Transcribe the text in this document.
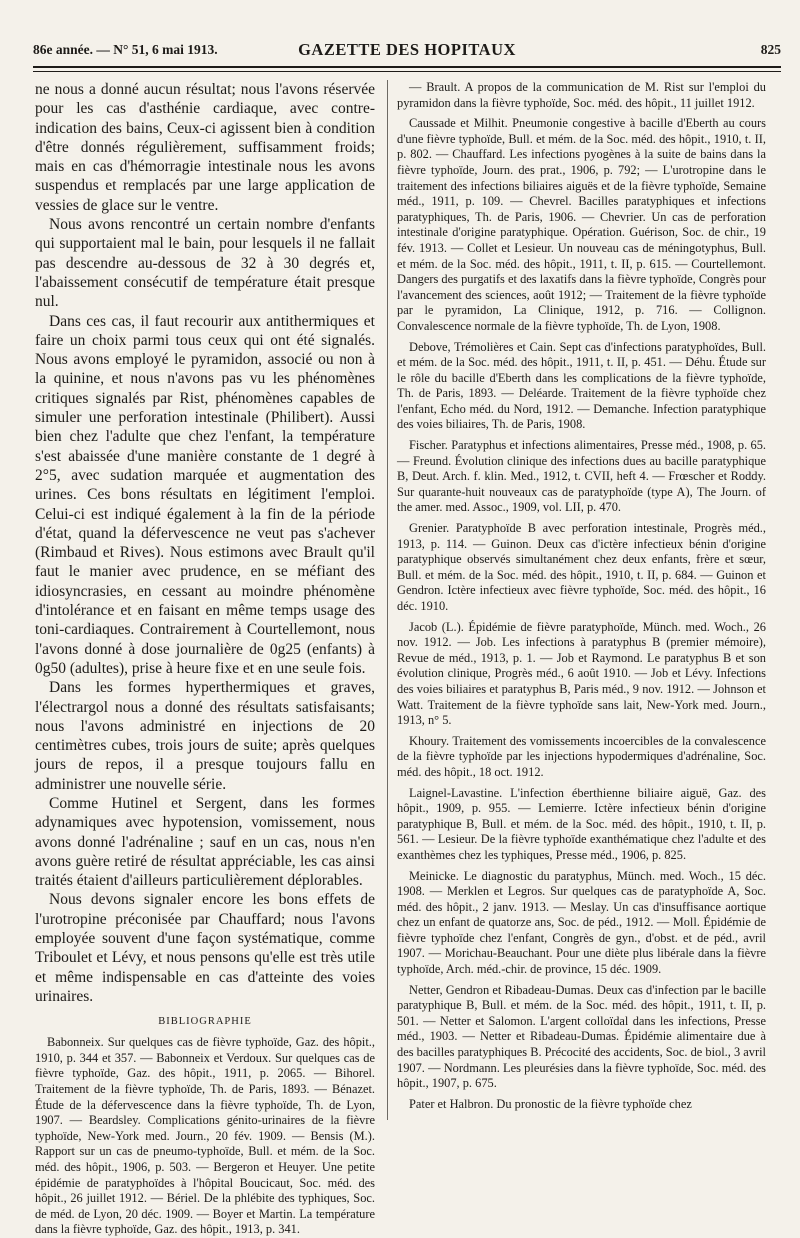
86e année. — N° 51, 6 mai 1913.	GAZETTE DES HOPITAUX	825

ne nous a donné aucun résultat; nous l'avons réservée pour les cas d'asthénie cardiaque, avec contre-indication des bains, Ceux-ci agissent bien à condition d'être donnés régulièrement, suffisamment froids; mais en cas d'hémorragie intestinale nous les avons suspendus et remplacés par une large application de vessies de glace sur le ventre.

Nous avons rencontré un certain nombre d'enfants qui supportaient mal le bain, pour lesquels il ne fallait pas descendre au-dessous de 32 à 30 degrés et, l'abaissement consécutif de température était presque nul.

Dans ces cas, il faut recourir aux antithermiques et faire un choix parmi tous ceux qui ont été signalés. Nous avons employé le pyramidon, associé ou non à la quinine, et nous n'avons pas vu les phénomènes critiques signalés par Rist, phénomènes capables de simuler une perforation intestinale (Philibert). Aussi bien chez l'adulte que chez l'enfant, la température s'est abaissée d'une manière constante de 1 degré à 2°5, avec sudation marquée et augmentation des urines. Ces bons résultats en légitiment l'emploi. Celui-ci est indiqué également à la fin de la période d'état, quand la défervescence ne veut pas s'achever (Rimbaud et Rives). Nous estimons avec Brault qu'il faut le manier avec prudence, en se méfiant des idiosyncrasies, en cessant au moindre phénomène d'intolérance et en faisant en même temps usage des toni-cardiaques. Contrairement à Courtellemont, nous l'avons donné à dose journalière de 0g25 (enfants) à 0g50 (adultes), prise à heure fixe et en une seule fois.

Dans les formes hyperthermiques et graves, l'électrargol nous a donné des résultats satisfaisants; nous l'avons administré en injections de 20 centimètres cubes, trois jours de suite; après quelques jours de repos, il a presque toujours fallu en administrer une nouvelle série.

Comme Hutinel et Sergent, dans les formes adynamiques avec hypotension, vomissement, nous avons donné l'adrénaline ; sauf en un cas, nous n'en avons guère retiré de résultat appréciable, les cas ainsi traités étaient d'ailleurs particulièrement déplorables.

Nous devons signaler encore les bons effets de l'urotropine préconisée par Chauffard; nous l'avons employée souvent d'une façon systématique, comme Triboulet et Lévy, et nous pensons qu'elle est très utile et même indispensable en cas d'atteinte des voies urinaires.

BIBLIOGRAPHIE

Babonneix. Sur quelques cas de fièvre typhoïde, Gaz. des hôpit., 1910, p. 344 et 357. — Babonneix et Verdoux. Sur quelques cas de fièvre typhoïde, Gaz. des hôpit., 1911, p. 2065. — Bihorel. Traitement de la fièvre typhoïde, Th. de Paris, 1893. — Bénazet. Étude de la défervescence dans la fièvre typhoïde, Th. de Lyon, 1907. — Beardsley. Complications génito-urinaires de la fièvre typhoïde, New-York med. Journ., 20 fév. 1909. — Bensis (M.). Rapport sur un cas de pneumo-typhoïde, Bull. et mém. de la Soc. méd. des hôpit., 1906, p. 503. — Bergeron et Heuyer. Une petite épidémie de paratyphoïdes à l'hôpital Boucicaut, Soc. méd. des hôpit., 26 juillet 1912. — Bériel. De la phlébite des typhiques, Soc. de méd. de Lyon, 20 déc. 1909. — Boyer et Martin. La température dans la fièvre typhoïde, Gaz. des hôpit., 1913, p. 341.

— Brault. A propos de la communication de M. Rist sur l'emploi du pyramidon dans la fièvre typhoïde, Soc. méd. des hôpit., 11 juillet 1912.

Caussade et Milhit. Pneumonie congestive à bacille d'Eberth au cours d'une fièvre typhoïde, Bull. et mém. de la Soc. méd. des hôpit., 1910, t. II, p. 802. — Chauffard. Les infections pyogènes à la suite de bains dans la fièvre typhoïde, Journ. des prat., 1906, p. 792; — L'urotropine dans le traitement des infections biliaires aiguës et de la fièvre typhoïde, Semaine méd., 1911, p. 109. — Chevrel. Bacilles paratyphiques et infections paratyphiques, Th. de Paris, 1906. — Chevrier. Un cas de perforation intestinale d'origine paratyphique. Opération. Guérison, Soc. de chir., 19 fév. 1913. — Collet et Lesieur. Un nouveau cas de méningotyphus, Bull. et mém. de la Soc. méd. des hôpit., 1911, t. II, p. 615. — Courtellemont. Dangers des purgatifs et des laxatifs dans la fièvre typhoïde, Congrès pour l'avancement des sciences, août 1912; — Traitement de la fièvre typhoïde par le pyramidon, La Clinique, 1912, p. 716. — Collignon. Convalescence normale de la fièvre typhoïde, Th. de Lyon, 1908.

Debove, Trémolières et Cain. Sept cas d'infections paratyphoïdes, Bull. et mém. de la Soc. méd. des hôpit., 1911, t. II, p. 451. — Déhu. Étude sur le rôle du bacille d'Eberth dans les complications de la fièvre typhoïde, Th. de Paris, 1893. — Deléarde. Traitement de la fièvre typhoïde chez l'enfant, Echo méd. du Nord, 1912. — Demanche. Infection paratyphique des voies biliaires, Th. de Paris, 1908.

Fischer. Paratyphus et infections alimentaires, Presse méd., 1908, p. 65. — Freund. Évolution clinique des infections dues au bacille paratyphique B, Deut. Arch. f. klin. Med., 1912, t. CVII, heft 4. — Frœscher et Roddy. Sur quarante-huit nouveaux cas de paratyphoïde (type A), The Journ. of the amer. med. Assoc., 1909, vol. LII, p. 470.

Grenier. Paratyphoïde B avec perforation intestinale, Progrès méd., 1913, p. 114. — Guinon. Deux cas d'ictère infectieux bénin d'origine paratyphique observés simultanément chez deux enfants, frère et sœur, Bull. et mém. de la Soc. méd. des hôpit., 1910, t. II, p. 684. — Guinon et Gendron. Ictère infectieux avec fièvre typhoïde, Soc. méd. des hôpit., 16 déc. 1910.

Jacob (L.). Épidémie de fièvre paratyphoïde, Münch. med. Woch., 26 nov. 1912. — Job. Les infections à paratyphus B (premier mémoire), Revue de méd., 1913, p. 1. — Job et Raymond. Le paratyphus B et son évolution clinique, Progrès méd., 6 août 1910. — Job et Lévy. Infections des voies biliaires et paratyphus B, Paris méd., 9 nov. 1912. — Johnson et Watt. Traitement de la fièvre typhoïde sans lait, New-York med. Journ., 1913, n° 5.

Khoury. Traitement des vomissements incoercibles de la convalescence de la fièvre typhoïde par les injections hypodermiques d'adrénaline, Soc. méd. des hôpit., 18 oct. 1912.

Laignel-Lavastine. L'infection éberthienne biliaire aiguë, Gaz. des hôpit., 1909, p. 955. — Lemierre. Ictère infectieux bénin d'origine paratyphique B, Bull. et mém. de la Soc. méd. des hôpit., 1910, t. II, p. 561. — Lesieur. De la fièvre typhoïde exanthématique chez l'adulte et des exanthèmes chez les typhiques, Presse méd., 1906, p. 825.

Meinicke. Le diagnostic du paratyphus, Münch. med. Woch., 15 déc. 1908. — Merklen et Legros. Sur quelques cas de paratyphoïde A, Soc. méd. des hôpit., 2 janv. 1913. — Meslay. Un cas d'insuffisance aortique chez un enfant de quatorze ans, Soc. de péd., 1912. — Moll. Épidémie de fièvre typhoïde chez l'enfant, Congrès de gyn., d'obst. et de péd., avril 1907. — Morichau-Beauchant. Pour une diète plus libérale dans la fièvre typhoïde, Arch. méd.-chir. de province, 15 déc. 1909.

Netter, Gendron et Ribadeau-Dumas. Deux cas d'infection par le bacille paratyphique B, Bull. et mém. de la Soc. méd. des hôpit., 1911, t. II, p. 501. — Netter et Salomon. L'argent colloïdal dans les infections, Presse méd., 1903. — Netter et Ribadeau-Dumas. Épidémie alimentaire due à des bacilles paratyphiques B. Précocité des accidents, Soc. de biol., 3 avril 1907. — Nordmann. Les pleurésies dans la fièvre typhoïde, Soc. méd. des hôpit., 1907, p. 675.

Pater et Halbron. Du pronostic de la fièvre typhoïde chez
